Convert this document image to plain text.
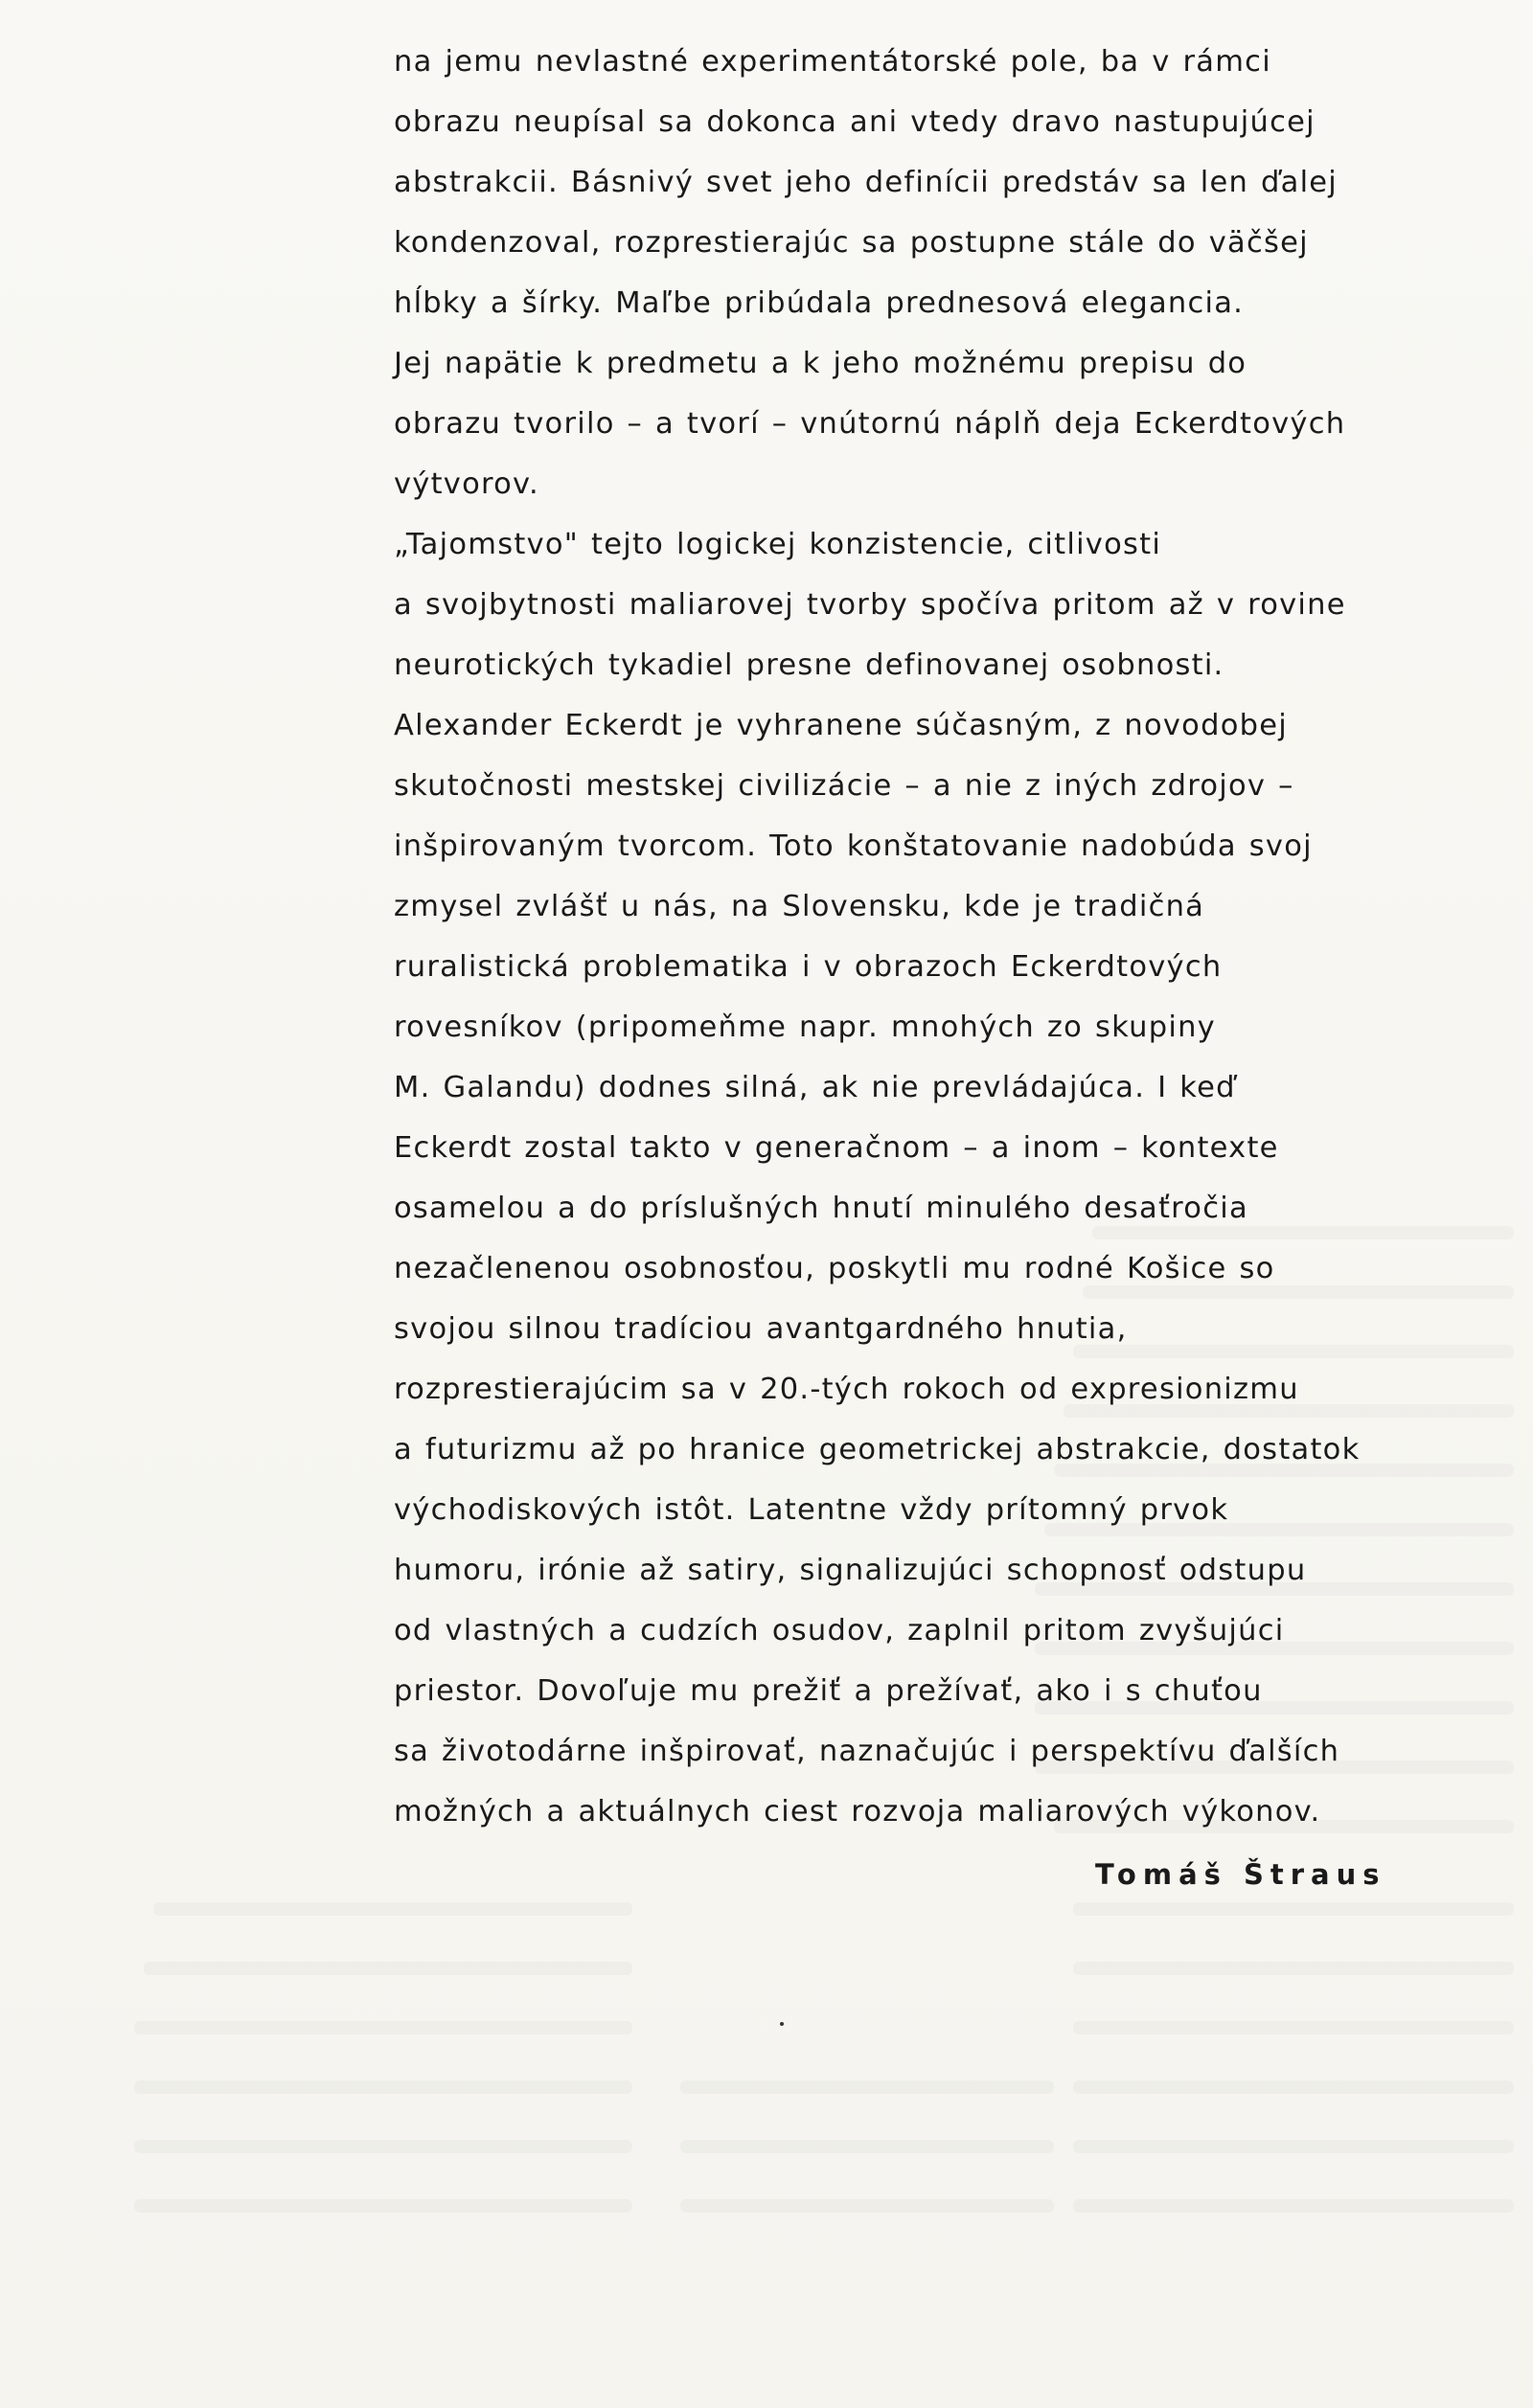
na jemu nevlastné experimentátorské pole, ba v rámci
obrazu neupísal sa dokonca ani vtedy dravo nastupujúcej
abstrakcii. Básnivý svet jeho definícii predstáv sa len ďalej
kondenzoval, rozprestierajúc sa postupne stále do väčšej
hĺbky a šírky. Maľbe pribúdala prednesová elegancia.
Jej napätie k predmetu a k jeho možnému prepisu do
obrazu tvorilo – a tvorí – vnútornú náplň deja Eckerdtových
výtvorov.
„Tajomstvo" tejto logickej konzistencie, citlivosti
a svojbytnosti maliarovej tvorby spočíva pritom až v rovine
neurotických tykadiel presne definovanej osobnosti.
Alexander Eckerdt je vyhranene súčasným, z novodobej
skutočnosti mestskej civilizácie – a nie z iných zdrojov –
inšpirovaným tvorcom. Toto konštatovanie nadobúda svoj
zmysel zvlášť u nás, na Slovensku, kde je tradičná
ruralistická problematika i v obrazoch Eckerdtových
rovesníkov (pripomeňme napr. mnohých zo skupiny
M. Galandu) dodnes silná, ak nie prevládajúca. I keď
Eckerdt zostal takto v generačnom – a inom – kontexte
osamelou a do príslušných hnutí minulého desaťročia
nezačlenenou osobnosťou, poskytli mu rodné Košice so
svojou silnou tradíciou avantgardného hnutia,
rozprestierajúcim sa v 20.-tých rokoch od expresionizmu
a futurizmu až po hranice geometrickej abstrakcie, dostatok
východiskových istôt. Latentne vždy prítomný prvok
humoru, irónie až satiry, signalizujúci schopnosť odstupu
od vlastných a cudzích osudov, zaplnil pritom zvyšujúci
priestor. Dovoľuje mu prežiť a prežívať, ako i s chuťou
sa životodárne inšpirovať, naznačujúc i perspektívu ďalších
možných a aktuálnych ciest rozvoja maliarových výkonov.
Tomáš Štraus
